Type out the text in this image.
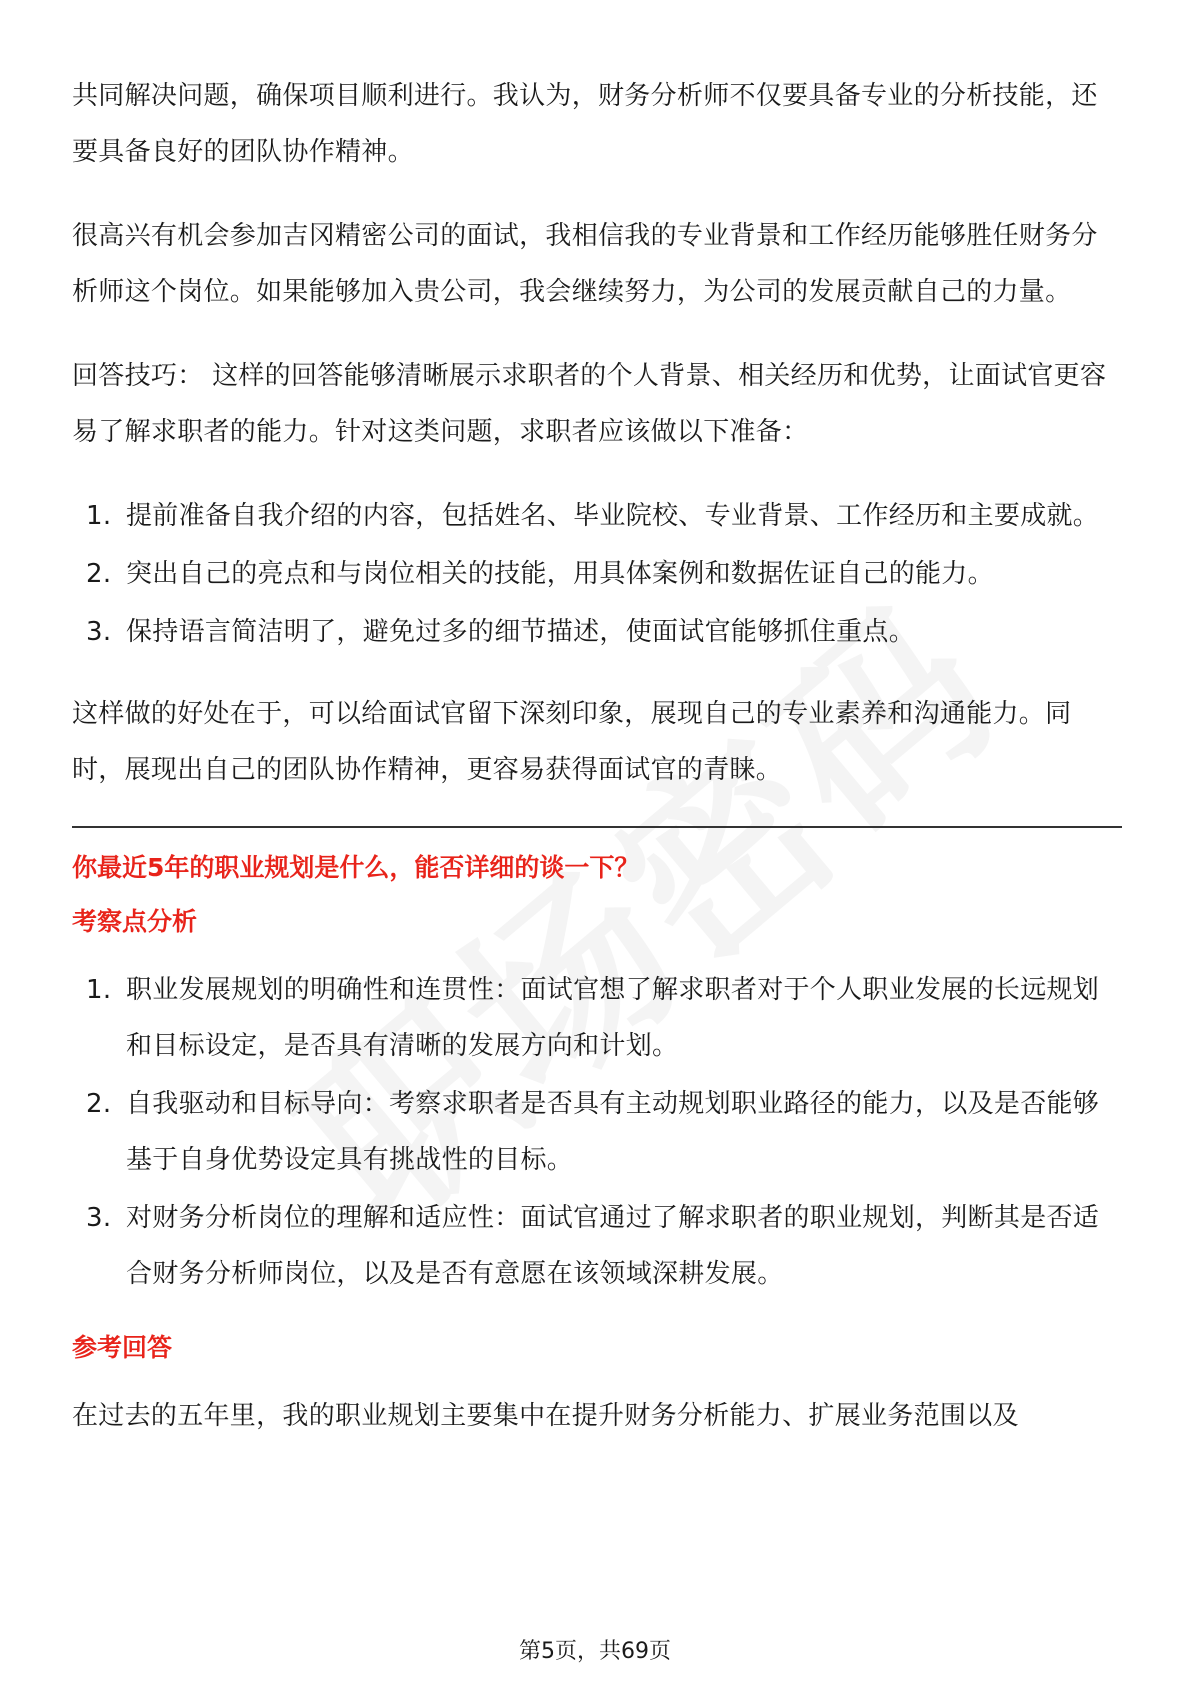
共同解决问题，确保项目顺利进行。我认为，财务分析师不仅要具备专业的分析技能，还要具备良好的团队协作精神。

很高兴有机会参加吉冈精密公司的面试，我相信我的专业背景和工作经历能够胜任财务分析师这个岗位。如果能够加入贵公司，我会继续努力，为公司的发展贡献自己的力量。

回答技巧： 这样的回答能够清晰展示求职者的个人背景、相关经历和优势，让面试官更容易了解求职者的能力。针对这类问题，求职者应该做以下准备：

1. 提前准备自我介绍的内容，包括姓名、毕业院校、专业背景、工作经历和主要成就。
2. 突出自己的亮点和与岗位相关的技能，用具体案例和数据佐证自己的能力。
3. 保持语言简洁明了，避免过多的细节描述，使面试官能够抓住重点。

这样做的好处在于，可以给面试官留下深刻印象，展现自己的专业素养和沟通能力。同时，展现出自己的团队协作精神，更容易获得面试官的青睐。

你最近5年的职业规划是什么，能否详细的谈一下？
考察点分析
1. 职业发展规划的明确性和连贯性：面试官想了解求职者对于个人职业发展的长远规划和目标设定，是否具有清晰的发展方向和计划。
2. 自我驱动和目标导向：考察求职者是否具有主动规划职业路径的能力，以及是否能够基于自身优势设定具有挑战性的目标。
3. 对财务分析岗位的理解和适应性：面试官通过了解求职者的职业规划，判断其是否适合财务分析师岗位，以及是否有意愿在该领域深耕发展。
参考回答

在过去的五年里，我的职业规划主要集中在提升财务分析能力、扩展业务范围以及

第5页，共69页
